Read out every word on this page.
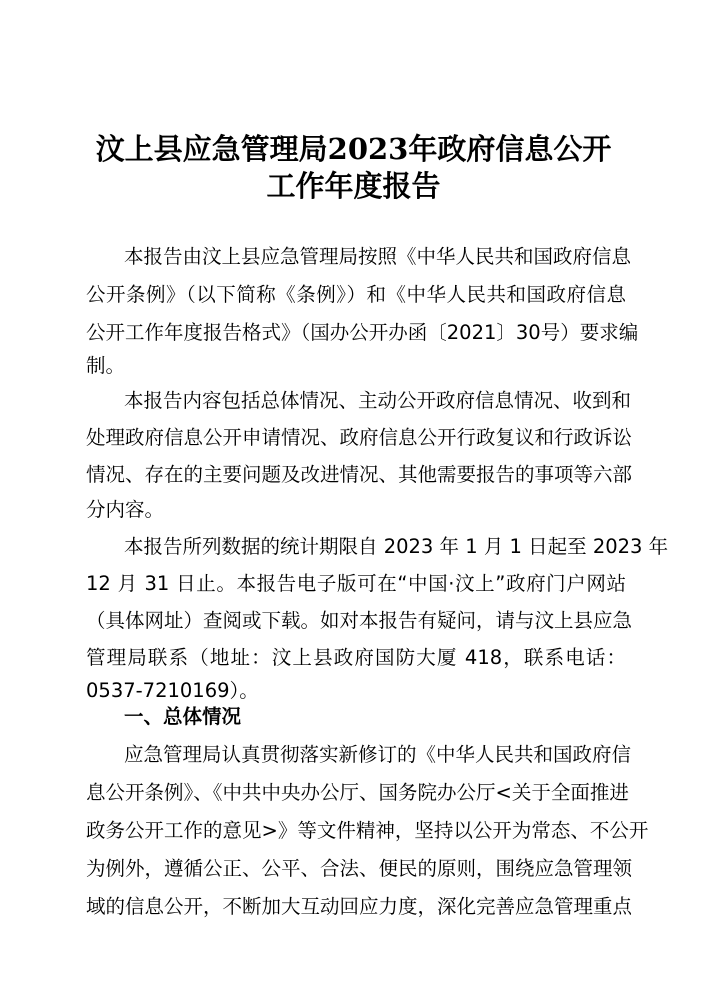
汶上县应急管理局2023年政府信息公开
工作年度报告
本报告由汶上县应急管理局按照《中华人民共和国政府信息
公开条例》（以下简称《条例》）和《中华人民共和国政府信息
公开工作年度报告格式》（国办公开办函〔2021〕30号）要求编
制。
本报告内容包括总体情况、主动公开政府信息情况、收到和
处理政府信息公开申请情况、政府信息公开行政复议和行政诉讼
情况、存在的主要问题及改进情况、其他需要报告的事项等六部
分内容。
本报告所列数据的统计期限自 2023 年 1 月 1 日起至 2023 年
12 月 31 日止。本报告电子版可在“中国·汶上”政府门户网站
（具体网址）查阅或下载。如对本报告有疑问，请与汶上县应急
管理局联系（地址：汶上县政府国防大厦 418，联系电话：
0537-7210169）。
一、总体情况
应急管理局认真贯彻落实新修订的《中华人民共和国政府信
息公开条例》、《中共中央办公厅、国务院办公厅<关于全面推进
政务公开工作的意见>》等文件精神，坚持以公开为常态、不公开
为例外，遵循公正、公平、合法、便民的原则，围绕应急管理领
域的信息公开，不断加大互动回应力度，深化完善应急管理重点
